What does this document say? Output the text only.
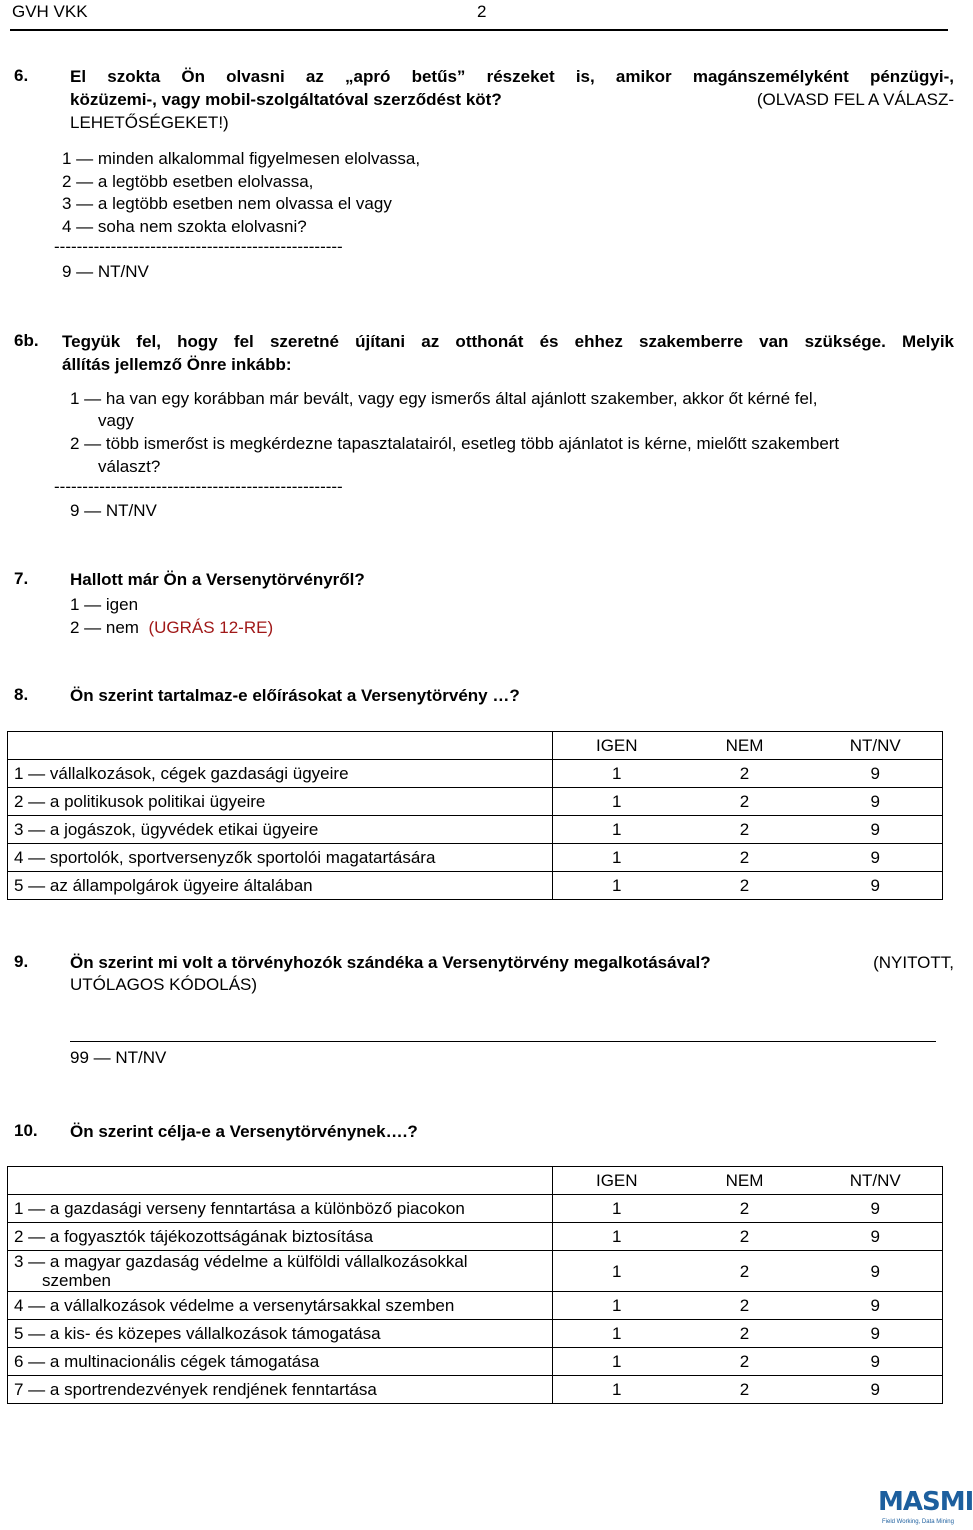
GVH VKK	2
6. El szokta Ön olvasni az „apró betűs” részeket is, amikor magánszemélyként pénzügyi-,
közüzemi-, vagy mobil-szolgáltatóval szerződést köt?	(OLVASD FEL A VÁLASZ-
LEHETŐSÉGEKET!)
1 — minden alkalommal figyelmesen elolvassa,
2 — a legtöbb esetben elolvassa,
3 — a legtöbb esetben nem olvassa el vagy
4 — soha nem szokta elolvasni?
---------------------------------------------------
9 — NT/NV
6b. Tegyük fel, hogy fel szeretné újítani az otthonát és ehhez szakemberre van szüksége. Melyik
állítás jellemző Önre inkább:
1 — ha van egy korábban már bevált, vagy egy ismerős által ajánlott szakember, akkor őt kérné fel,
vagy
2 — több ismerőst is megkérdezne tapasztalatairól, esetleg több ajánlatot is kérne, mielőtt szakembert
választ?
---------------------------------------------------
9 — NT/NV
7. Hallott már Ön a Versenytörvényről?
1 — igen
2 — nem (UGRÁS 12-RE)
8. Ön szerint tartalmaz-e előírásokat a Versenytörvény …?
	IGEN	NEM	NT/NV
1 — vállalkozások, cégek gazdasági ügyeire	1	2	9
2 — a politikusok politikai ügyeire	1	2	9
3 — a jogászok, ügyvédek etikai ügyeire	1	2	9
4 — sportolók, sportversenyzők sportolói magatartására	1	2	9
5 — az állampolgárok ügyeire általában	1	2	9
9. Ön szerint mi volt a törvényhozók szándéka a Versenytörvény megalkotásával?	(NYITOTT,
UTÓLAGOS KÓDOLÁS)
99 — NT/NV
10. Ön szerint célja-e a Versenytörvénynek….?
	IGEN	NEM	NT/NV
1 — a gazdasági verseny fenntartása a különböző piacokon	1	2	9
2 — a fogyasztók tájékozottságának biztosítása	1	2	9

3 — a magyar gazdaság védelme a külföldi vállalkozásokkal
szemben	1	2	9
4 — a vállalkozások védelme a versenytársakkal szemben	1	2	9
5 — a kis- és közepes vállalkozások támogatása	1	2	9
6 — a multinacionális cégek támogatása	1	2	9
7 — a sportrendezvények rendjének fenntartása	1	2	9
MASMI
Field Working, Data Mining
